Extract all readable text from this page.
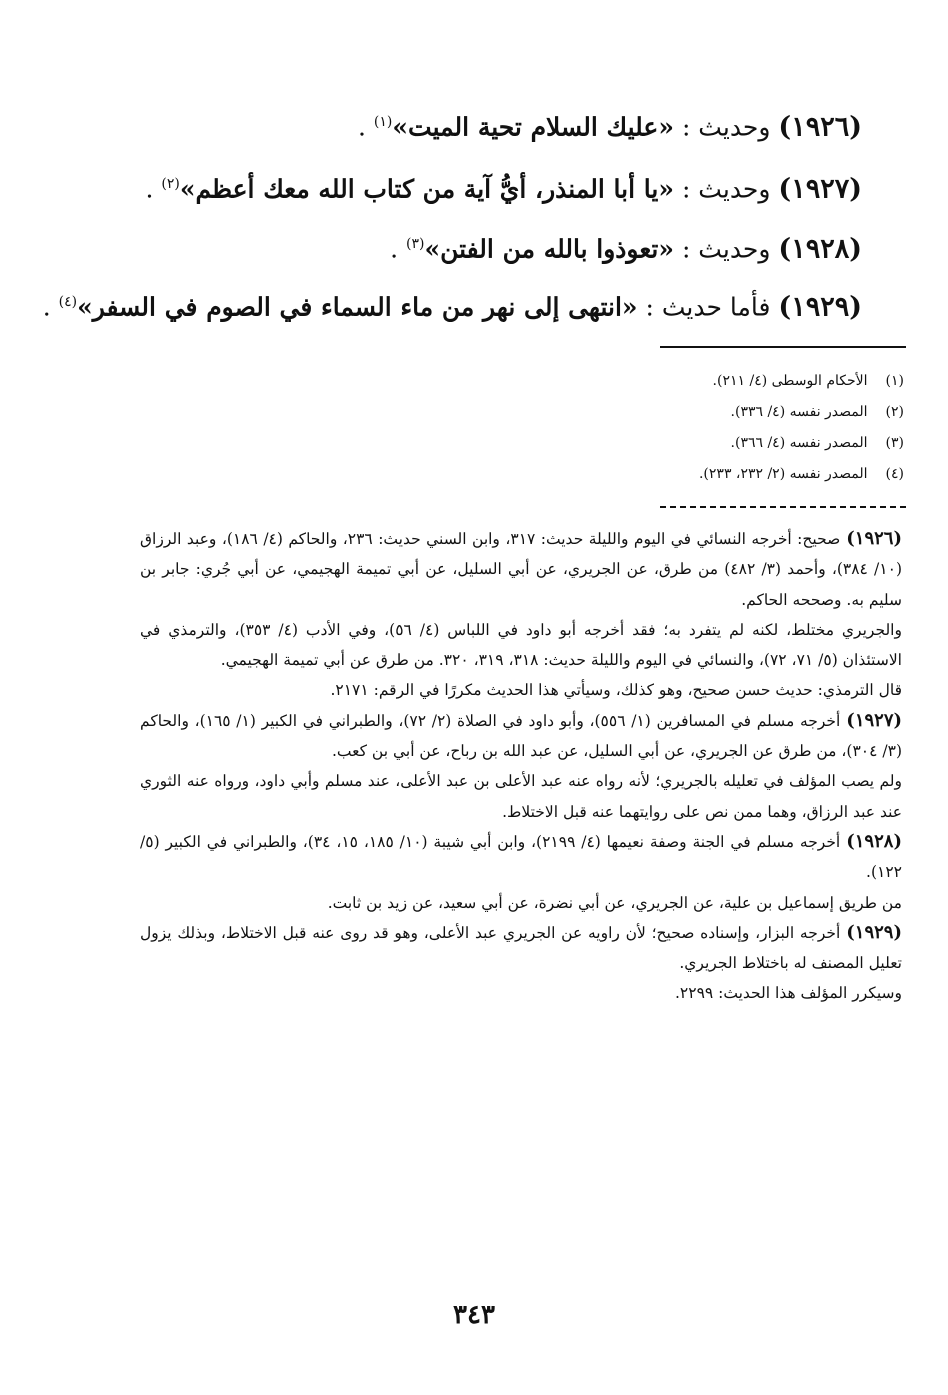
(١٩٢٦) وحديث : «عليك السلام تحية الميت»$^{(١)}$ .
(١٩٢٧) وحديث : «يا أبا المنذر، أيُّ آية من كتاب الله معك أعظم»$^{(٢)}$ .
(١٩٢٨) وحديث : «تعوذوا بالله من الفتن»$^{(٣)}$ .
(١٩٢٩) فأما حديث : «انتهى إلى نهر من ماء السماء في الصوم في السفر»$^{(٤)}$ .
(١) الأحكام الوسطى (٤/ ٢١١).
(٢) المصدر نفسه (٤/ ٣٣٦).
(٣) المصدر نفسه (٤/ ٣٦٦).
(٤) المصدر نفسه (٢/ ٢٣٢، ٢٣٣).

(١٩٢٦)صحيح: أخرجه النسائي في اليوم والليلة حديث: ٣١٧، وابن السني حديث: ٢٣٦، والحاكم (٤/ ١٨٦)، وعبد الرزاق (١٠/ ٣٨٤)، وأحمد (٣/ ٤٨٢) من طرق، عن الجريري، عن أبي السليل، عن أبي تميمة الهجيمي، عن أبي جُري: جابر بن سليم به. وصححه الحاكم.

والجريري مختلط، لكنه لم يتفرد به؛ فقد أخرجه أبو داود في اللباس (٤/ ٥٦)، وفي الأدب (٤/ ٣٥٣)، والترمذي في الاستئذان (٥/ ٧١، ٧٢)، والنسائي في اليوم والليلة حديث: ٣١٨، ٣١٩، ٣٢٠. من طرق عن أبي تميمة الهجيمي.

قال الترمذي: حديث حسن صحيح، وهو كذلك، وسيأتي هذا الحديث مكررًا في الرقم: ٢١٧١.

(١٩٢٧)أخرجه مسلم في المسافرين (١/ ٥٥٦)، وأبو داود في الصلاة (٢/ ٧٢)، والطبراني في الكبير (١/ ١٦٥)، والحاكم (٣/ ٣٠٤)، من طرق عن الجريري، عن أبي السليل، عن عبد الله بن رباح، عن أبي بن كعب.

ولم يصب المؤلف في تعليله بالجريري؛ لأنه رواه عنه عبد الأعلى بن عبد الأعلى، عند مسلم وأبي داود، ورواه عنه الثوري عند عبد الرزاق، وهما ممن نص على روايتهما عنه قبل الاختلاط.

(١٩٢٨)أخرجه مسلم في الجنة وصفة نعيمها (٤/ ٢١٩٩)، وابن أبي شيبة (١٠/ ١٨٥، ١٥، ٣٤)، والطبراني في الكبير (٥/ ١٢٢).

من طريق إسماعيل بن علية، عن الجريري، عن أبي نضرة، عن أبي سعيد، عن زيد بن ثابت.

(١٩٢٩)أخرجه البزار، وإسناده صحيح؛ لأن راويه عن الجريري عبد الأعلى، وهو قد روى عنه قبل الاختلاط، وبذلك يزول تعليل المصنف له باختلاط الجريري.

وسيكرر المؤلف هذا الحديث: ٢٢٩٩.

٣٤٣
